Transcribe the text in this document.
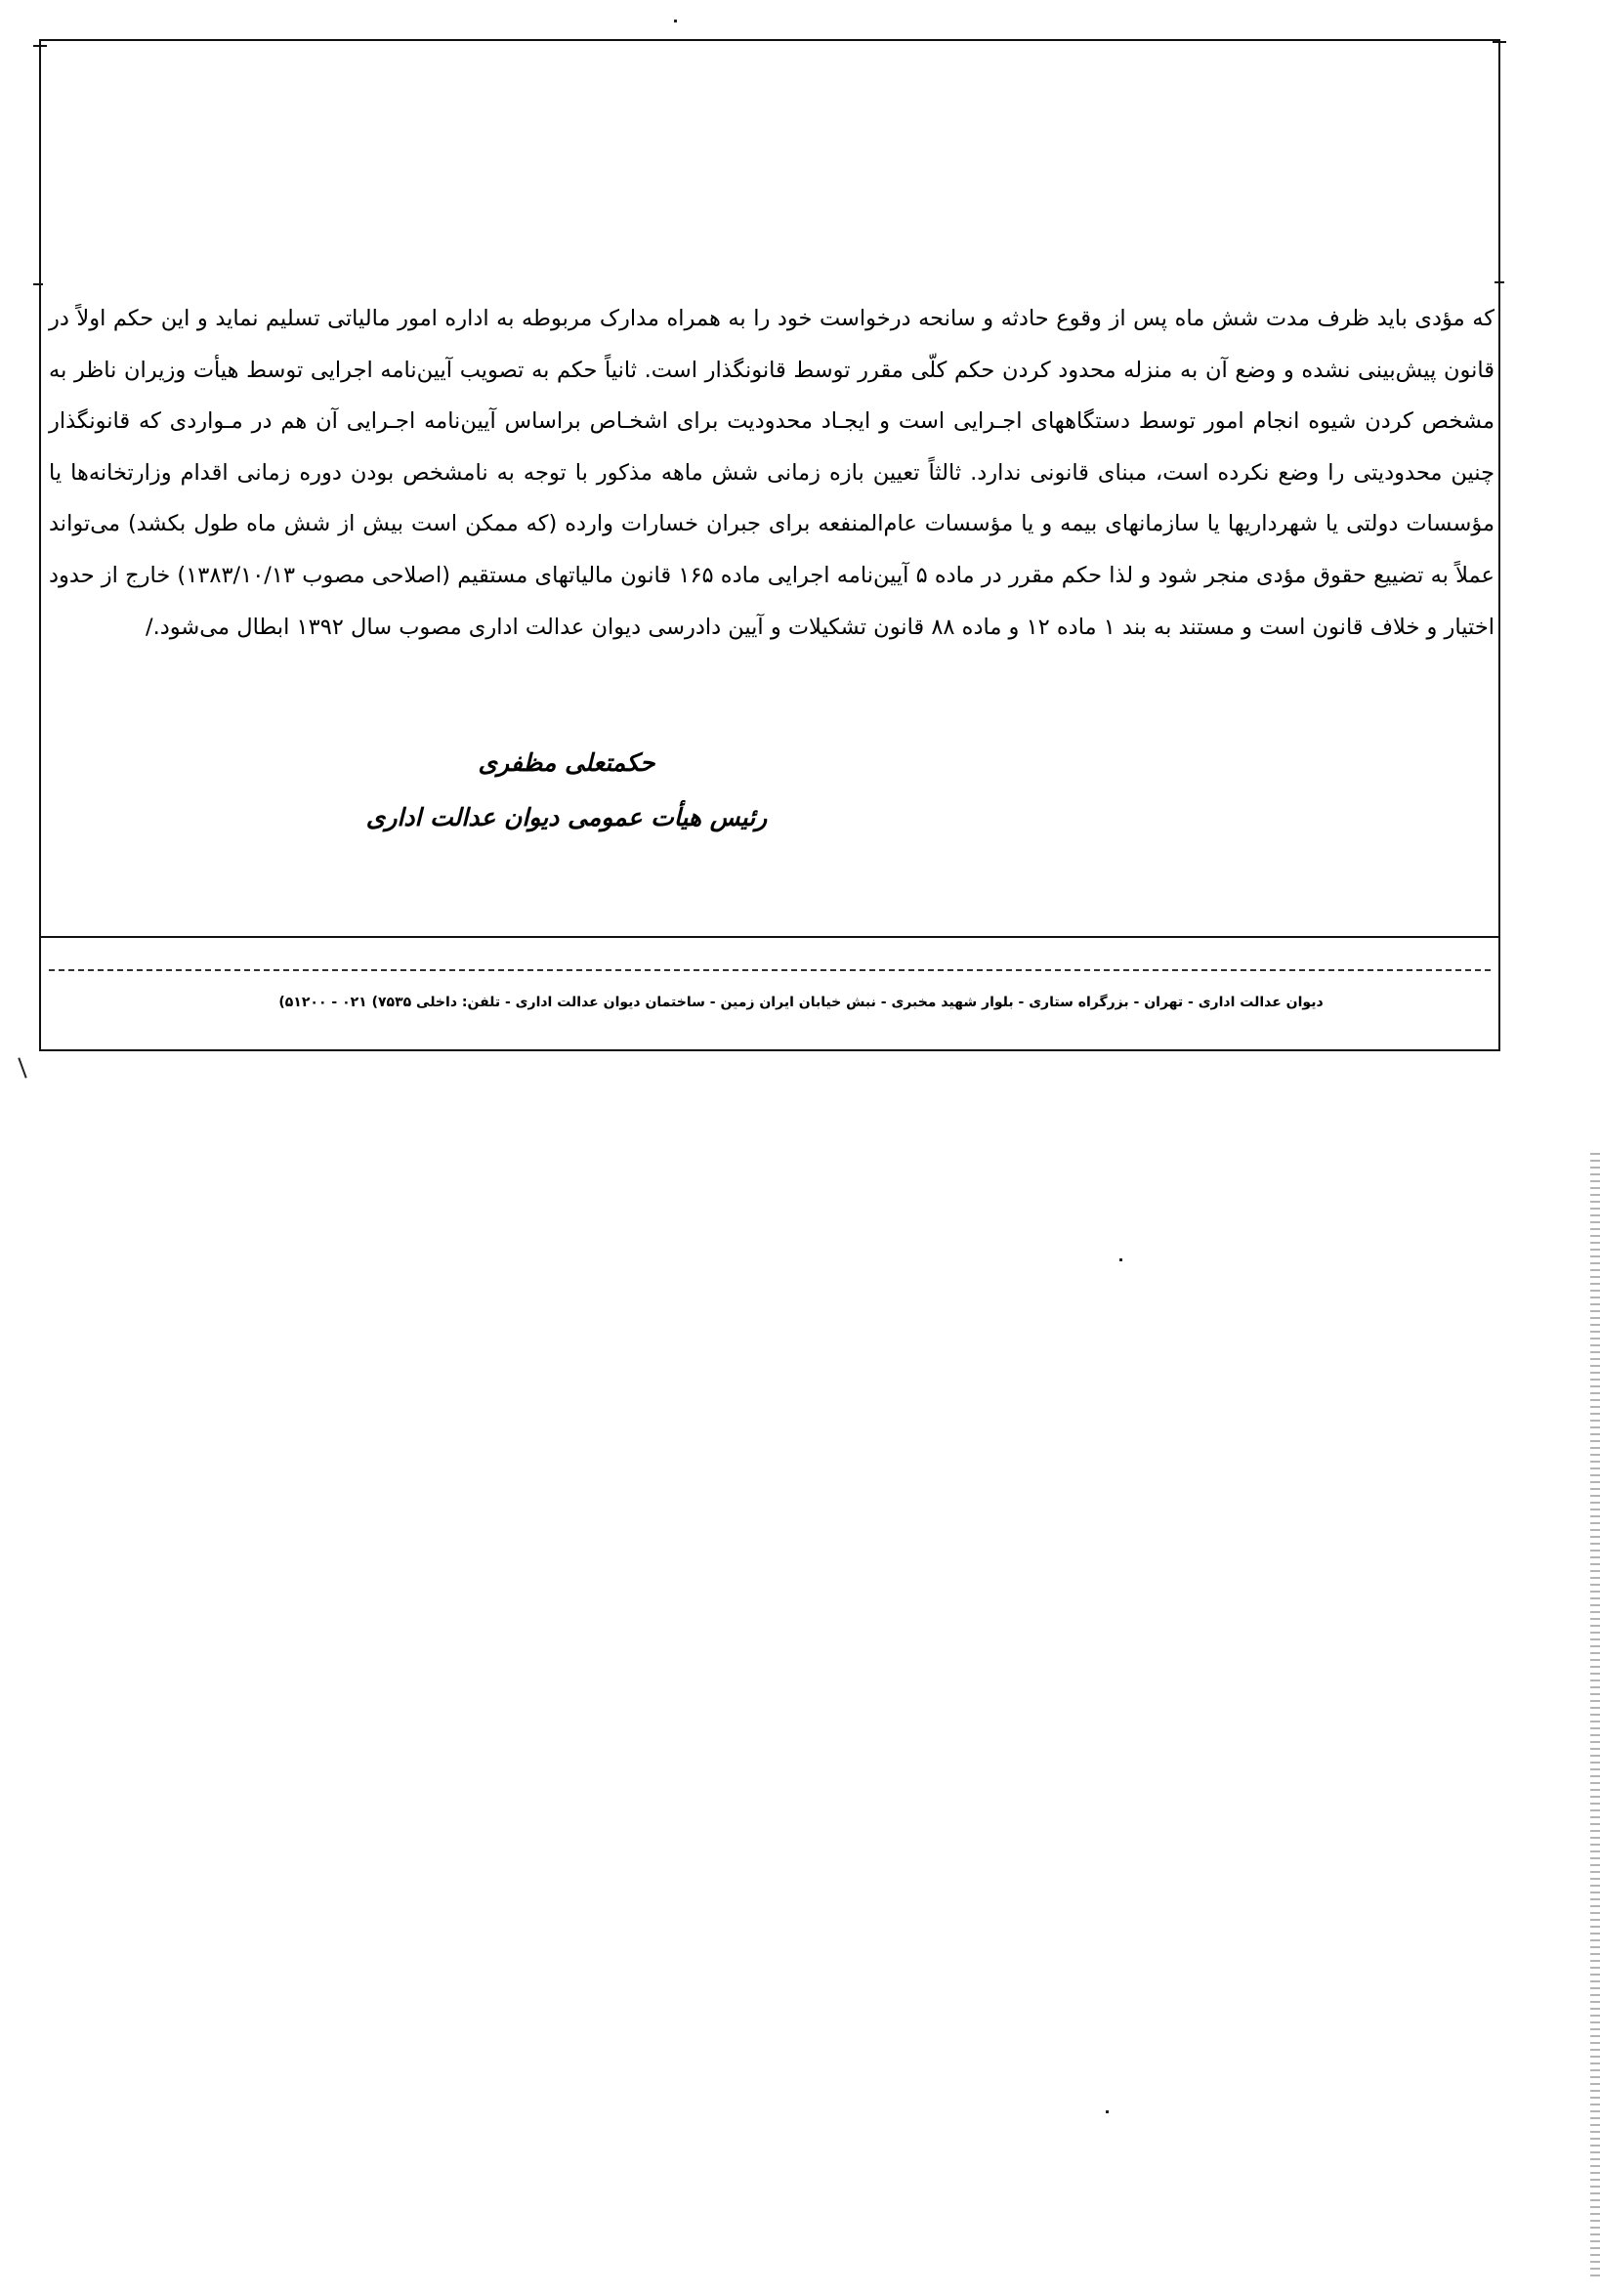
که مؤدی باید ظرف مدت شش ماه پس از وقوع حادثه و سانحه درخواست خود را به همراه مدارک مربوطه به اداره امور مالیاتی تسلیم نماید و این حکم اولاً در قانون پیش‌بینی نشده و وضع آن به منزله محدود کردن حکم کلّی مقرر توسط قانونگذار است. ثانیاً حکم به تصویب آیین‌نامه اجرایی توسط هیأت وزیران ناظر به مشخص کردن شیوه انجام امور توسط دستگاههای اجـرایی است و ایجـاد محدودیت برای اشخـاص براساس آیین‌نامه اجـرایی آن هم در مـواردی که قانونگذار چنین محدودیتی را وضع نکرده است، مبنای قانونی ندارد. ثالثاً تعیین بازه زمانی شش ماهه مذکور با توجه به نامشخص بودن دوره زمانی اقدام وزارتخانه‌ها یا مؤسسات دولتی یا شهرداریها یا سازمانهای بیمه و یا مؤسسات عام‌المنفعه برای جبران خسارات وارده (که ممکن است بیش از شش ماه طول بکشد) می‌تواند عملاً به تضییع حقوق مؤدی منجر شود و لذا حکم مقرر در ماده ۵ آیین‌نامه اجرایی ماده ۱۶۵ قانون مالیاتهای مستقیم (اصلاحی مصوب ۱۳۸۳/۱۰/۱۳) خارج از حدود اختیار و خلاف قانون است و مستند به بند ۱ ماده ۱۲ و ماده ۸۸ قانون تشکیلات و آیین دادرسی دیوان عدالت اداری مصوب سال ۱۳۹۲ ابطال می‌شود./

حکمتعلی مظفری

رئیس هیأت عمومی دیوان عدالت اداری

دیوان عدالت اداری - تهران - بزرگراه ستاری - بلوار شهید مخبری - نبش خیابان ایران زمین - ساختمان دیوان عدالت اداری - تلفن: داخلی ۷۵۳۵) ۰۲۱ - ۵۱۲۰۰)
